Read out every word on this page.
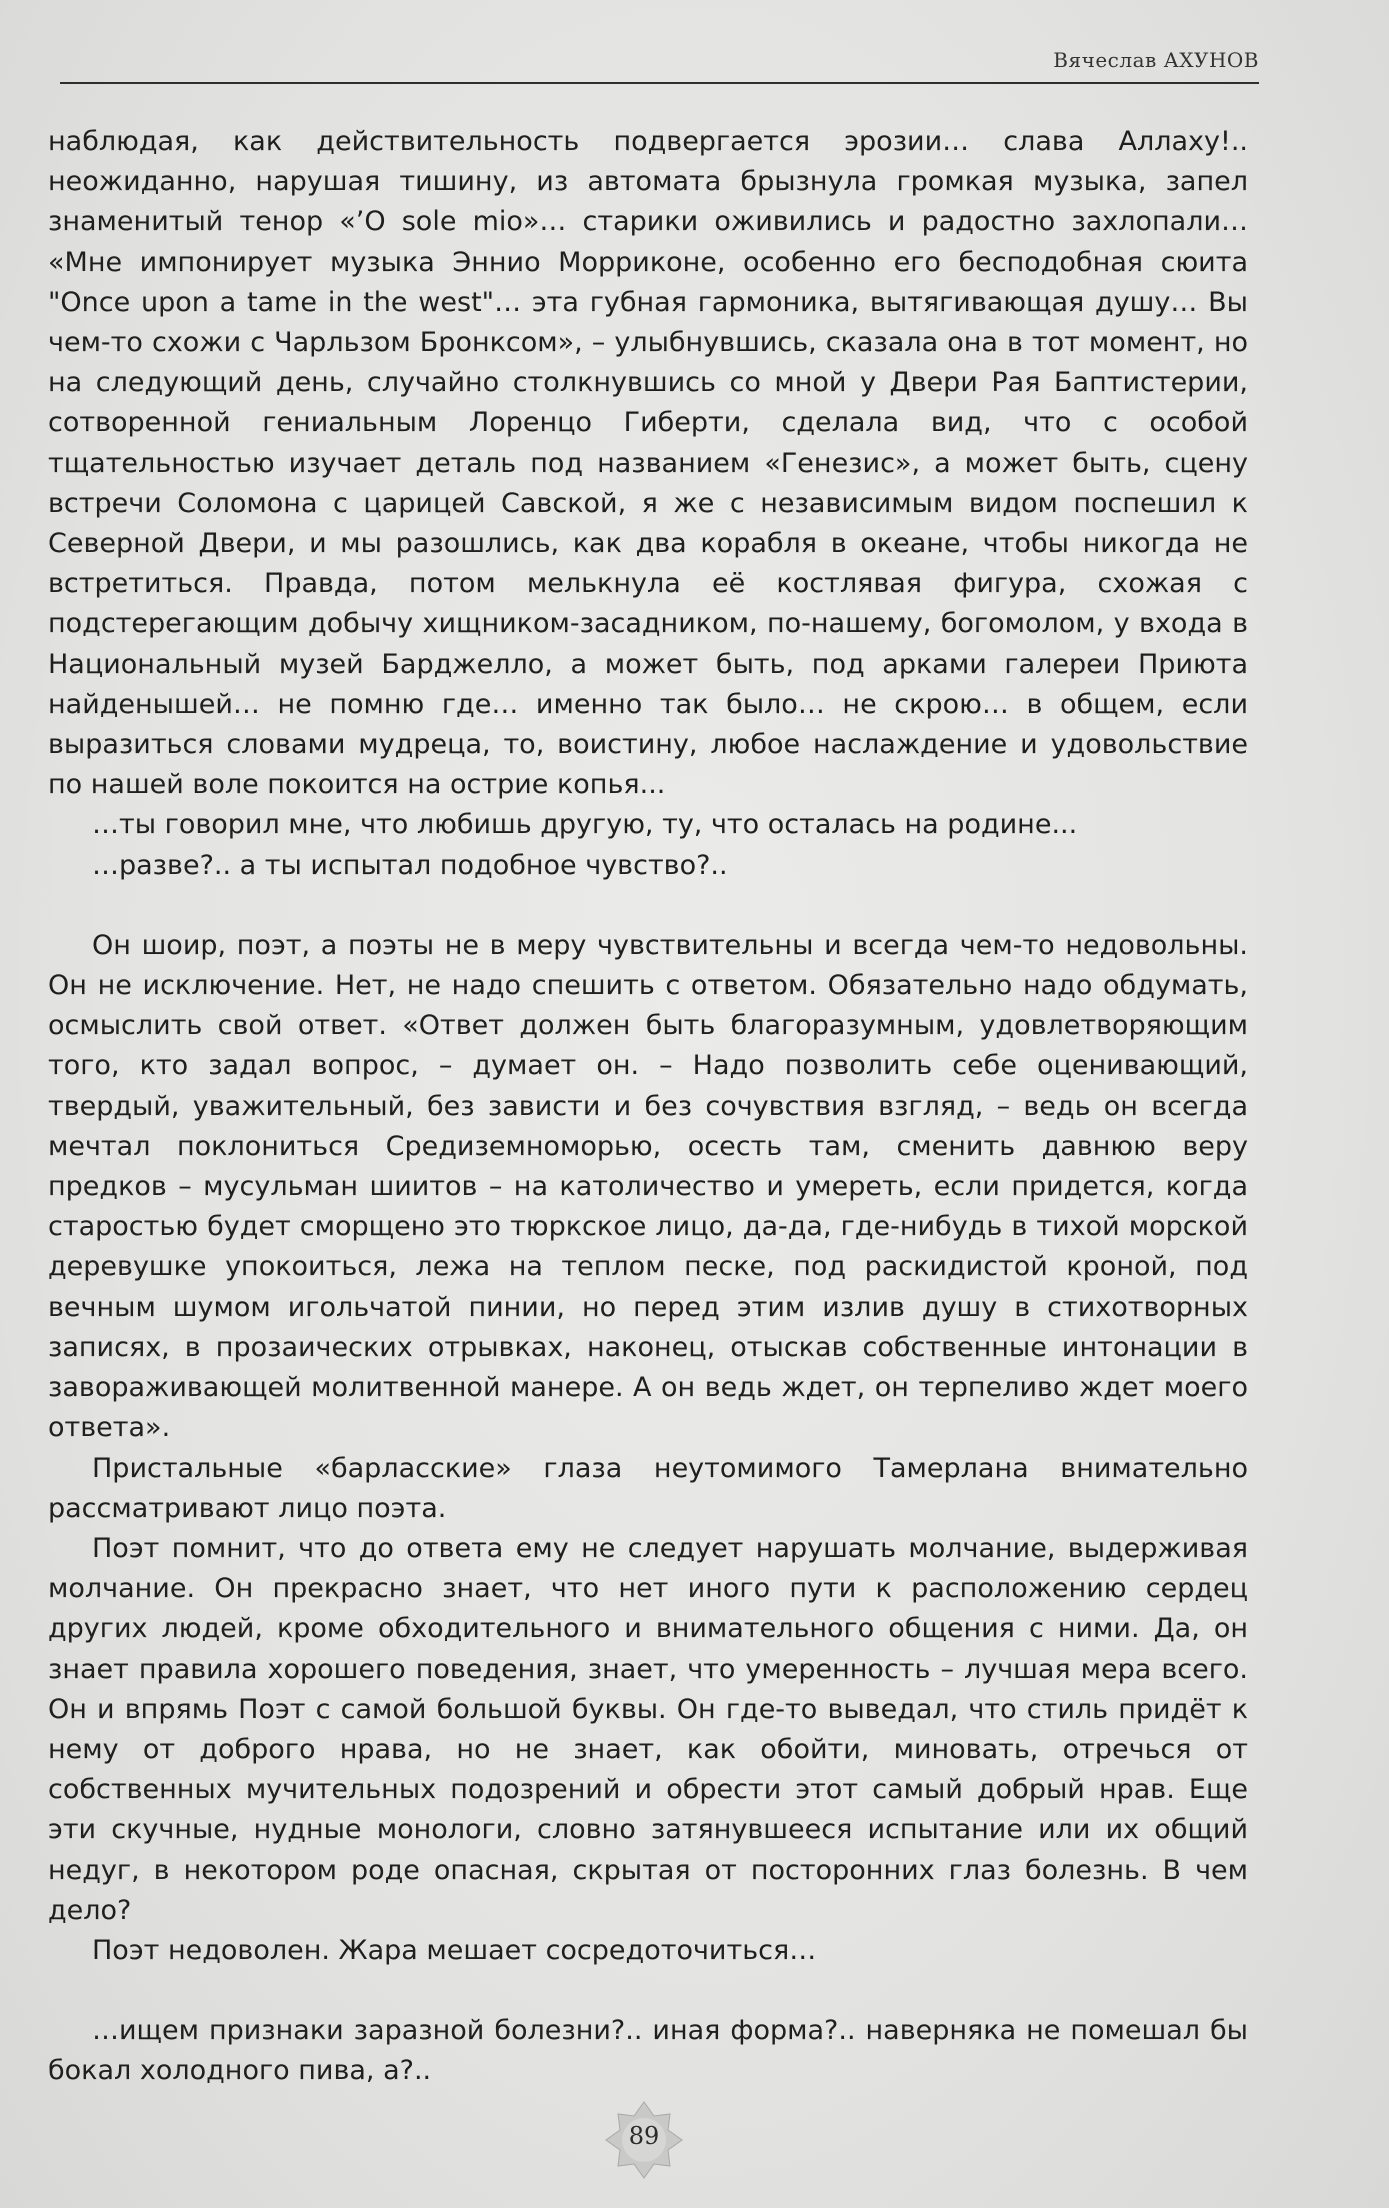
Вячеслав АХУНОВ

наблюдая, как действительность подвергается эрозии… слава Аллаху!.. неожиданно, нарушая тишину, из автомата брызнула громкая музыка, запел знаменитый тенор «’O sole mio»… старики оживились и радостно захлопали… «Мне импонирует музыка Эннио Морриконе, особенно его бесподобная сюита "Once upon a tame in the west"… эта губная гармоника, вытягивающая душу… Вы чем-то схожи с Чарльзом Бронксом», – улыбнувшись, сказала она в тот момент, но на следующий день, случайно столкнувшись со мной у Двери Рая Баптистерии, сотворенной гениальным Лоренцо Гиберти, сделала вид, что с особой тщательностью изучает деталь под названием «Генезис», а может быть, сцену встречи Соломона с царицей Савской, я же с независимым видом поспешил к Северной Двери, и мы разошлись, как два корабля в океане, чтобы никогда не встретиться. Правда, потом мелькнула её костлявая фигура, схожая с подстерегающим добычу хищником-засадником, по-нашему, богомолом, у входа в Национальный музей Барджелло, а может быть, под арками галереи Приюта найденышей… не помню где… именно так было… не скрою… в общем, если выразиться словами мудреца, то, воистину, любое наслаждение и удовольствие по нашей воле покоится на острие копья...

…ты говорил мне, что любишь другую, ту, что осталась на родине...

…разве?.. а ты испытал подобное чувство?..

Он шоир, поэт, а поэты не в меру чувствительны и всегда чем-то недовольны. Он не исключение. Нет, не надо спешить с ответом. Обязательно надо обдумать, осмыслить свой ответ. «Ответ должен быть благоразумным, удовлетворяющим того, кто задал вопрос, – думает он. – Надо позволить себе оценивающий, твердый, уважительный, без зависти и без сочувствия взгляд, – ведь он всегда мечтал поклониться Средиземноморью, осесть там, сменить давнюю веру предков – мусульман шиитов – на католичество и умереть, если придется, когда старостью будет сморщено это тюркское лицо, да-да, где-нибудь в тихой морской деревушке упокоиться, лежа на теплом песке, под раскидистой кроной, под вечным шумом игольчатой пинии, но перед этим излив душу в стихотворных записях, в прозаических отрывках, наконец, отыскав собственные интонации в завораживающей молитвенной манере. А он ведь ждет, он терпеливо ждет моего ответа».

Пристальные «барласские» глаза неутомимого Тамерлана внимательно рассматривают лицо поэта.

Поэт помнит, что до ответа ему не следует нарушать молчание, выдерживая молчание. Он прекрасно знает, что нет иного пути к расположению сердец других людей, кроме обходительного и внимательного общения с ними. Да, он знает правила хорошего поведения, знает, что умеренность – лучшая мера всего. Он и впрямь Поэт с самой большой буквы. Он где-то выведал, что стиль придёт к нему от доброго нрава, но не знает, как обойти, миновать, отречься от собственных мучительных подозрений и обрести этот самый добрый нрав. Еще эти скучные, нудные монологи, словно затянувшееся испытание или их общий недуг, в некотором роде опасная, скрытая от посторонних глаз болезнь. В чем дело?

Поэт недоволен. Жара мешает сосредоточиться…

…ищем признаки заразной болезни?.. иная форма?.. наверняка не помешал бы бокал холодного пива, а?..

89
